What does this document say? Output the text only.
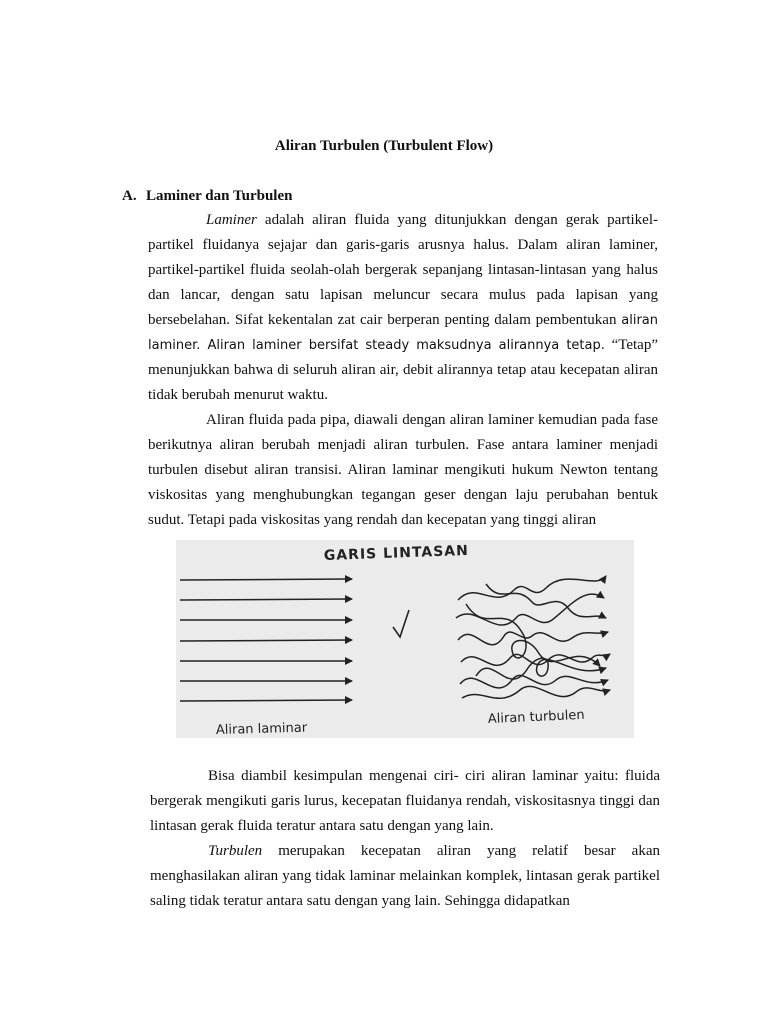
Aliran Turbulen (Turbulent Flow)
A. Laminer dan Turbulen

Laminer adalah aliran fluida yang ditunjukkan dengan gerak partikel-partikel fluidanya sejajar dan garis-garis arusnya halus. Dalam aliran laminer, partikel-partikel fluida seolah-olah bergerak sepanjang lintasan-lintasan yang halus dan lancar, dengan satu lapisan meluncur secara mulus pada lapisan yang bersebelahan. Sifat kekentalan zat cair berperan penting dalam pembentukan aliran laminer. Aliran laminer bersifat steady maksudnya alirannya tetap. “Tetap” menunjukkan bahwa di seluruh aliran air, debit alirannya tetap atau kecepatan aliran tidak berubah menurut waktu.

Aliran fluida pada pipa, diawali dengan aliran laminer kemudian pada fase berikutnya aliran berubah menjadi aliran turbulen. Fase antara laminer menjadi turbulen disebut aliran transisi. Aliran laminar mengikuti hukum Newton tentang viskositas yang menghubungkan tegangan geser dengan laju perubahan bentuk sudut. Tetapi pada viskositas yang rendah dan kecepatan yang tinggi aliran

GARIS LINTASAN
Aliran laminar
Aliran turbulen

Bisa diambil kesimpulan mengenai ciri- ciri aliran laminar yaitu: fluida bergerak mengikuti garis lurus, kecepatan fluidanya rendah, viskositasnya tinggi dan lintasan gerak fluida teratur antara satu dengan yang lain.

Turbulen merupakan kecepatan aliran yang relatif besar akan menghasilakan aliran yang tidak laminar melainkan komplek, lintasan gerak partikel saling tidak teratur antara satu dengan yang lain. Sehingga didapatkan
